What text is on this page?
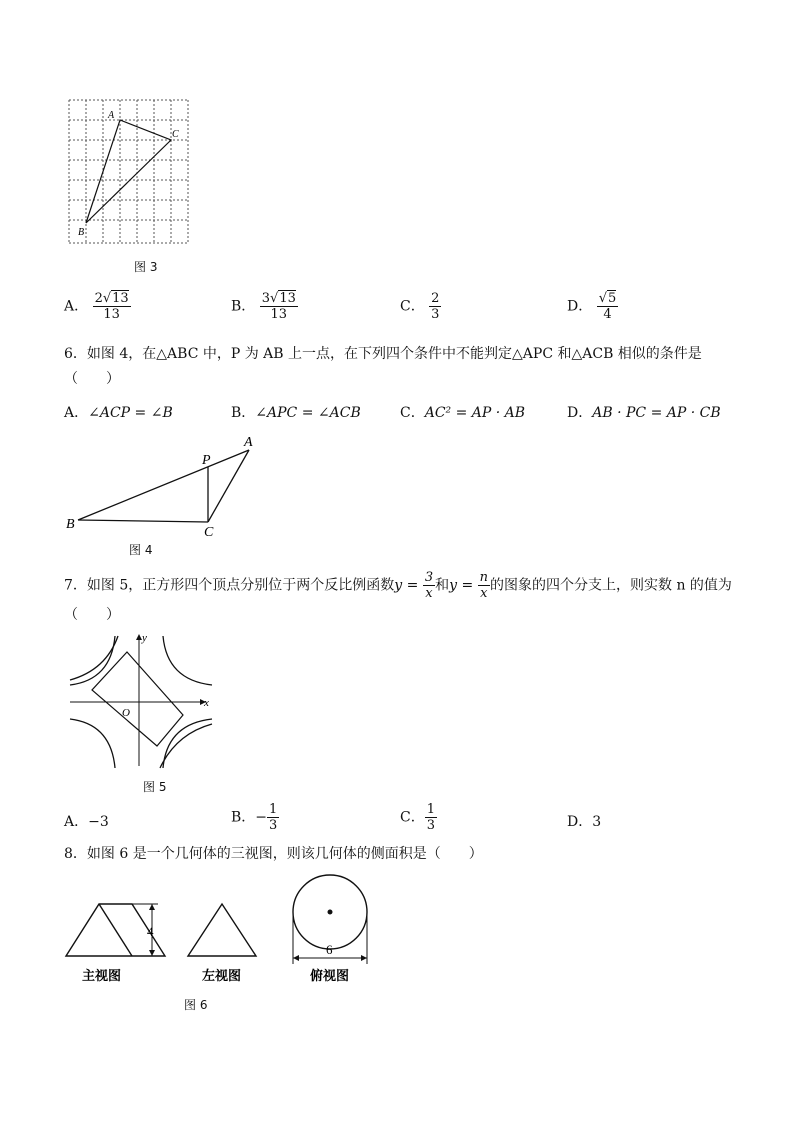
A
C
B
图 3
A． $\frac{2√13}{13}$	B． $\frac{3√13}{13}$	C． $\frac{2}{3}$	D． $\frac{√5}{4}$
6．如图 4，在△ABC 中，P 为 AB 上一点，在下列四个条件中不能判定△APC 和△ACB 相似的条件是
（　　）
A．∠ACP = ∠B	B．∠APC = ∠ACB	C．AC² = AP · AB	D．AB · PC = AP · CB
A
P
B
C
图 4
7．如图 5，正方形四个顶点分别位于两个反比例函数$y = \frac{3}{x}$ 和$y = \frac{n}{x}$ 的图象的四个分支上，则实数 n 的值为
（　　）
x
y
O
图 5
A．−3	B．− $\frac{1}{3}$	C． $\frac{1}{3}$	D．3
8．如图 6 是一个几何体的三视图，则该几何体的侧面积是（　　）
4
6
主视图	左视图	俯视图
图 6
